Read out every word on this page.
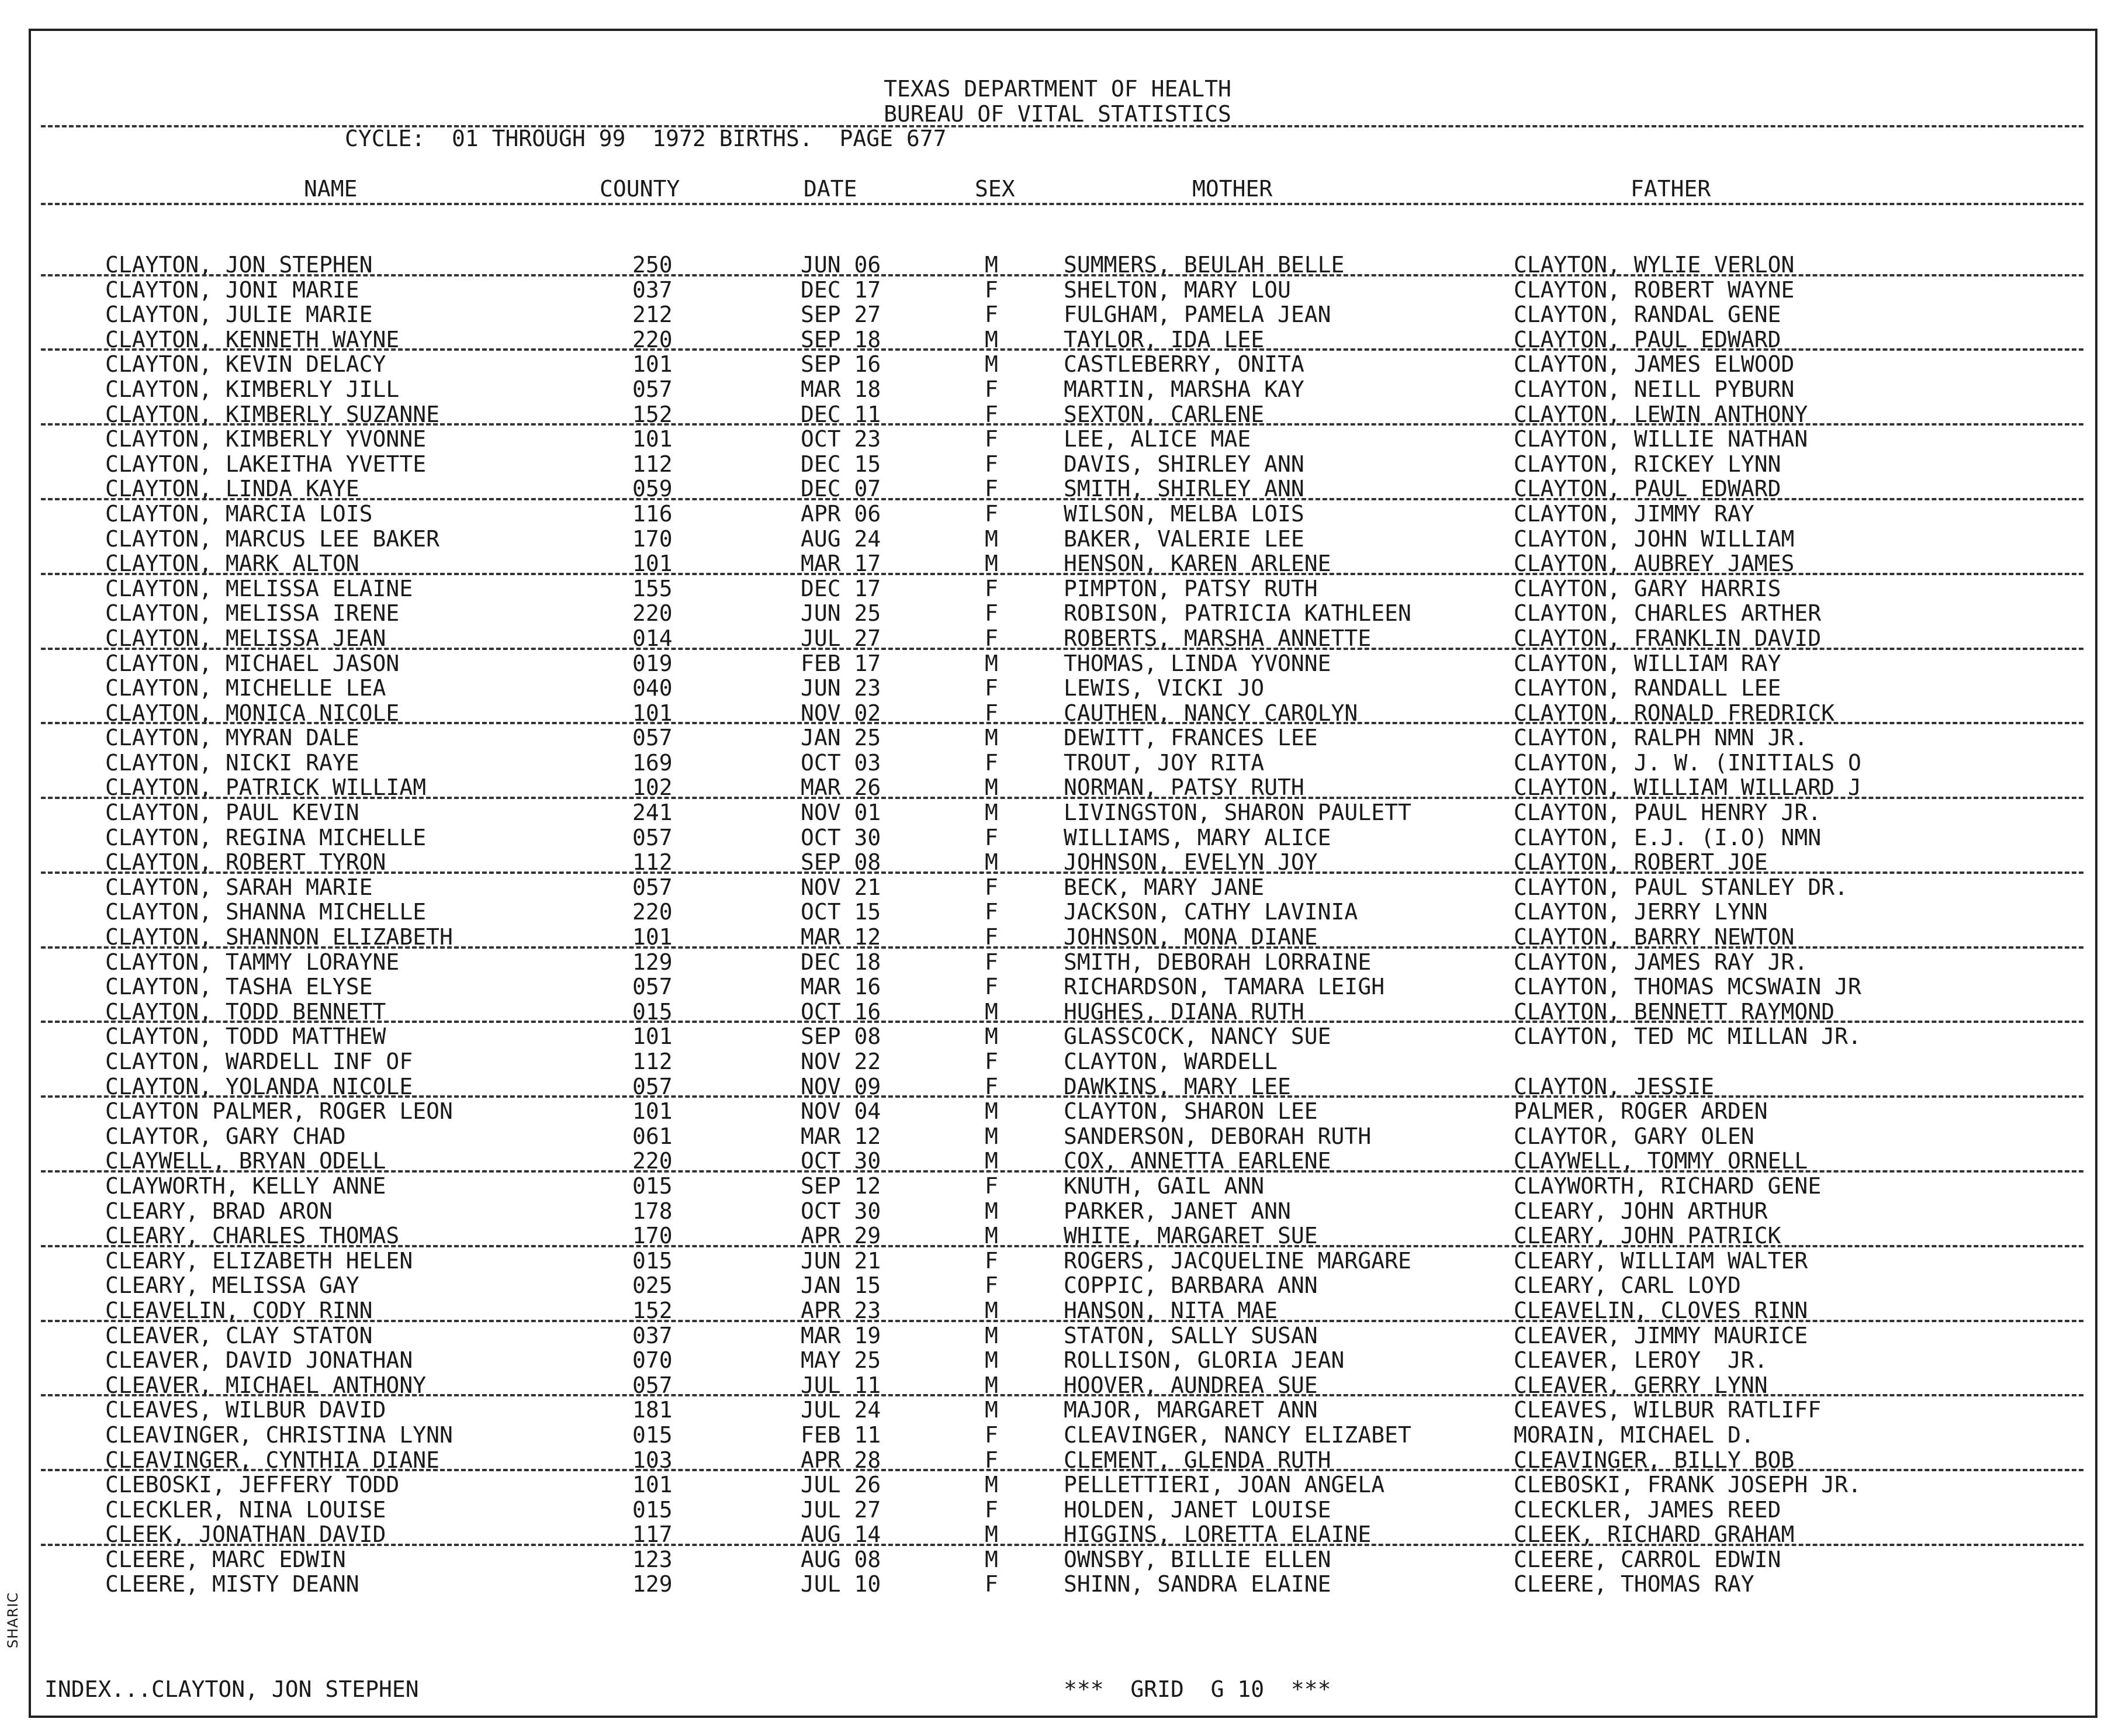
SHARIC
TEXAS DEPARTMENT OF HEALTH
BUREAU OF VITAL STATISTICS
CYCLE:  01 THROUGH 99  1972 BIRTHS.  PAGE 677
NAME	COUNTY	DATE	SEX	MOTHER	FATHER
CLAYTON, JON STEPHEN	250	JUN 06	M	SUMMERS, BEULAH BELLE	CLAYTON, WYLIE VERLON
CLAYTON, JONI MARIE	037	DEC 17	F	SHELTON, MARY LOU	CLAYTON, ROBERT WAYNE
CLAYTON, JULIE MARIE	212	SEP 27	F	FULGHAM, PAMELA JEAN	CLAYTON, RANDAL GENE
CLAYTON, KENNETH WAYNE	220	SEP 18	M	TAYLOR, IDA LEE	CLAYTON, PAUL EDWARD
CLAYTON, KEVIN DELACY	101	SEP 16	M	CASTLEBERRY, ONITA	CLAYTON, JAMES ELWOOD
CLAYTON, KIMBERLY JILL	057	MAR 18	F	MARTIN, MARSHA KAY	CLAYTON, NEILL PYBURN
CLAYTON, KIMBERLY SUZANNE	152	DEC 11	F	SEXTON, CARLENE	CLAYTON, LEWIN ANTHONY
CLAYTON, KIMBERLY YVONNE	101	OCT 23	F	LEE, ALICE MAE	CLAYTON, WILLIE NATHAN
CLAYTON, LAKEITHA YVETTE	112	DEC 15	F	DAVIS, SHIRLEY ANN	CLAYTON, RICKEY LYNN
CLAYTON, LINDA KAYE	059	DEC 07	F	SMITH, SHIRLEY ANN	CLAYTON, PAUL EDWARD
CLAYTON, MARCIA LOIS	116	APR 06	F	WILSON, MELBA LOIS	CLAYTON, JIMMY RAY
CLAYTON, MARCUS LEE BAKER	170	AUG 24	M	BAKER, VALERIE LEE	CLAYTON, JOHN WILLIAM
CLAYTON, MARK ALTON	101	MAR 17	M	HENSON, KAREN ARLENE	CLAYTON, AUBREY JAMES
CLAYTON, MELISSA ELAINE	155	DEC 17	F	PIMPTON, PATSY RUTH	CLAYTON, GARY HARRIS
CLAYTON, MELISSA IRENE	220	JUN 25	F	ROBISON, PATRICIA KATHLEEN	CLAYTON, CHARLES ARTHER
CLAYTON, MELISSA JEAN	014	JUL 27	F	ROBERTS, MARSHA ANNETTE	CLAYTON, FRANKLIN DAVID
CLAYTON, MICHAEL JASON	019	FEB 17	M	THOMAS, LINDA YVONNE	CLAYTON, WILLIAM RAY
CLAYTON, MICHELLE LEA	040	JUN 23	F	LEWIS, VICKI JO	CLAYTON, RANDALL LEE
CLAYTON, MONICA NICOLE	101	NOV 02	F	CAUTHEN, NANCY CAROLYN	CLAYTON, RONALD FREDRICK
CLAYTON, MYRAN DALE	057	JAN 25	M	DEWITT, FRANCES LEE	CLAYTON, RALPH NMN JR.
CLAYTON, NICKI RAYE	169	OCT 03	F	TROUT, JOY RITA	CLAYTON, J. W. (INITIALS O
CLAYTON, PATRICK WILLIAM	102	MAR 26	M	NORMAN, PATSY RUTH	CLAYTON, WILLIAM WILLARD J
CLAYTON, PAUL KEVIN	241	NOV 01	M	LIVINGSTON, SHARON PAULETT	CLAYTON, PAUL HENRY JR.
CLAYTON, REGINA MICHELLE	057	OCT 30	F	WILLIAMS, MARY ALICE	CLAYTON, E.J. (I.O) NMN
CLAYTON, ROBERT TYRON	112	SEP 08	M	JOHNSON, EVELYN JOY	CLAYTON, ROBERT JOE
CLAYTON, SARAH MARIE	057	NOV 21	F	BECK, MARY JANE	CLAYTON, PAUL STANLEY DR.
CLAYTON, SHANNA MICHELLE	220	OCT 15	F	JACKSON, CATHY LAVINIA	CLAYTON, JERRY LYNN
CLAYTON, SHANNON ELIZABETH	101	MAR 12	F	JOHNSON, MONA DIANE	CLAYTON, BARRY NEWTON
CLAYTON, TAMMY LORAYNE	129	DEC 18	F	SMITH, DEBORAH LORRAINE	CLAYTON, JAMES RAY JR.
CLAYTON, TASHA ELYSE	057	MAR 16	F	RICHARDSON, TAMARA LEIGH	CLAYTON, THOMAS MCSWAIN JR
CLAYTON, TODD BENNETT	015	OCT 16	M	HUGHES, DIANA RUTH	CLAYTON, BENNETT RAYMOND
CLAYTON, TODD MATTHEW	101	SEP 08	M	GLASSCOCK, NANCY SUE	CLAYTON, TED MC MILLAN JR.
CLAYTON, WARDELL INF OF	112	NOV 22	F	CLAYTON, WARDELL
CLAYTON, YOLANDA NICOLE	057	NOV 09	F	DAWKINS, MARY LEE	CLAYTON, JESSIE
CLAYTON PALMER, ROGER LEON	101	NOV 04	M	CLAYTON, SHARON LEE	PALMER, ROGER ARDEN
CLAYTOR, GARY CHAD	061	MAR 12	M	SANDERSON, DEBORAH RUTH	CLAYTOR, GARY OLEN
CLAYWELL, BRYAN ODELL	220	OCT 30	M	COX, ANNETTA EARLENE	CLAYWELL, TOMMY ORNELL
CLAYWORTH, KELLY ANNE	015	SEP 12	F	KNUTH, GAIL ANN	CLAYWORTH, RICHARD GENE
CLEARY, BRAD ARON	178	OCT 30	M	PARKER, JANET ANN	CLEARY, JOHN ARTHUR
CLEARY, CHARLES THOMAS	170	APR 29	M	WHITE, MARGARET SUE	CLEARY, JOHN PATRICK
CLEARY, ELIZABETH HELEN	015	JUN 21	F	ROGERS, JACQUELINE MARGARE	CLEARY, WILLIAM WALTER
CLEARY, MELISSA GAY	025	JAN 15	F	COPPIC, BARBARA ANN	CLEARY, CARL LOYD
CLEAVELIN, CODY RINN	152	APR 23	M	HANSON, NITA MAE	CLEAVELIN, CLOVES RINN
CLEAVER, CLAY STATON	037	MAR 19	M	STATON, SALLY SUSAN	CLEAVER, JIMMY MAURICE
CLEAVER, DAVID JONATHAN	070	MAY 25	M	ROLLISON, GLORIA JEAN	CLEAVER, LEROY  JR.
CLEAVER, MICHAEL ANTHONY	057	JUL 11	M	HOOVER, AUNDREA SUE	CLEAVER, GERRY LYNN
CLEAVES, WILBUR DAVID	181	JUL 24	M	MAJOR, MARGARET ANN	CLEAVES, WILBUR RATLIFF
CLEAVINGER, CHRISTINA LYNN	015	FEB 11	F	CLEAVINGER, NANCY ELIZABET	MORAIN, MICHAEL D.
CLEAVINGER, CYNTHIA DIANE	103	APR 28	F	CLEMENT, GLENDA RUTH	CLEAVINGER, BILLY BOB
CLEBOSKI, JEFFERY TODD	101	JUL 26	M	PELLETTIERI, JOAN ANGELA	CLEBOSKI, FRANK JOSEPH JR.
CLECKLER, NINA LOUISE	015	JUL 27	F	HOLDEN, JANET LOUISE	CLECKLER, JAMES REED
CLEEK, JONATHAN DAVID	117	AUG 14	M	HIGGINS, LORETTA ELAINE	CLEEK, RICHARD GRAHAM
CLEERE, MARC EDWIN	123	AUG 08	M	OWNSBY, BILLIE ELLEN	CLEERE, CARROL EDWIN
CLEERE, MISTY DEANN	129	JUL 10	F	SHINN, SANDRA ELAINE	CLEERE, THOMAS RAY
INDEX...CLAYTON, JON STEPHEN	***  GRID  G 10  ***
